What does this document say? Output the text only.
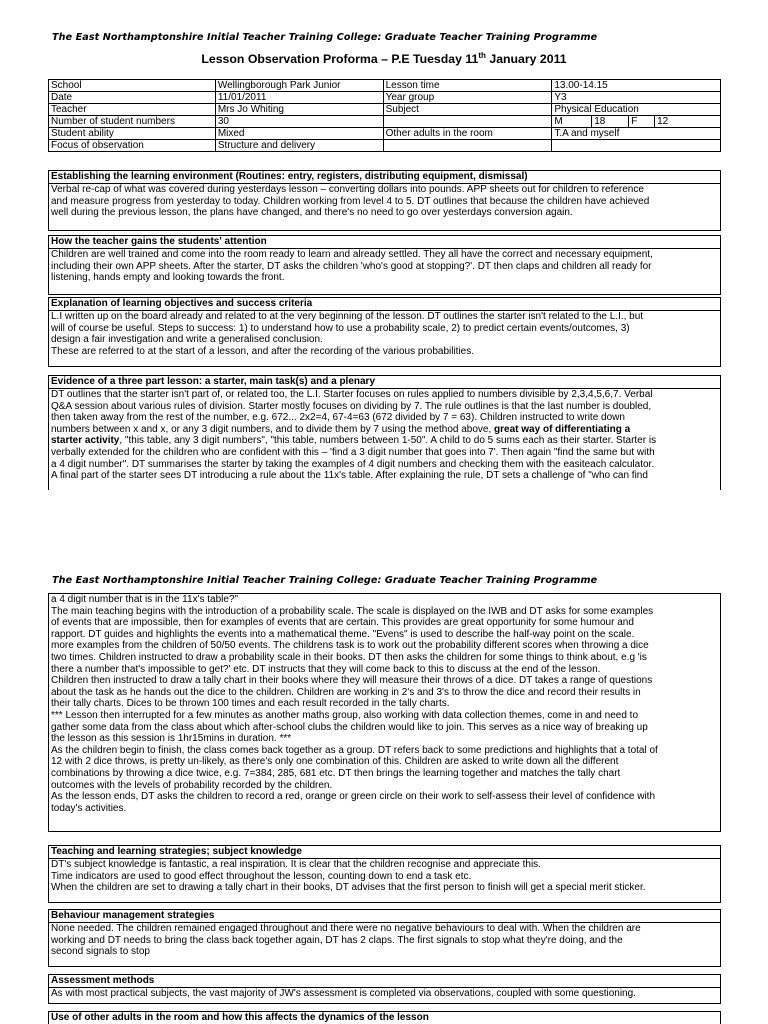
The East Northamptonshire Initial Teacher Training College: Graduate Teacher Training Programme
Lesson Observation Proforma – P.E Tuesday 11th January 2011
School	Wellingborough Park Junior	Lesson time	13.00-14.15			
Date	11/01/2011	Year group	Y3			
Teacher	Mrs Jo Whiting	Subject	Physical Education			
Number of student numbers	30		M	18	F	12
Student ability	Mixed	Other adults in the room	T.A and myself			
Focus of observation	Structure and delivery					
Establishing the learning environment (Routines: entry, registers, distributing equipment, dismissal)

Verbal re-cap of what was covered during yesterdays lesson – converting dollars into pounds. APP sheets out for children to reference

and measure progress from yesterday to today. Children working from level 4 to 5. DT outlines that because the children have achieved

well during the previous lesson, the plans have changed, and there's no need to go over yesterdays conversion again.

How the teacher gains the students' attention

Children are well trained and come into the room ready to learn and already settled. They all have the correct and necessary equipment,

including their own APP sheets. After the starter, DT asks the children 'who's good at stopping?'. DT then claps and children all ready for

listening, hands empty and looking towards the front.

Explanation of learning objectives and success criteria

L.I written up on the board already and related to at the very beginning of the lesson. DT outlines the starter isn't related to the L.I., but

will of course be useful. Steps to success: 1) to understand how to use a probability scale, 2) to predict certain events/outcomes, 3)

design a fair investigation and write a generalised conclusion.

These are referred to at the start of a lesson, and after the recording of the various probabilities.

Evidence of a three part lesson: a starter, main task(s) and a plenary

DT outlines that the starter isn't part of, or related too, the L.I. Starter focuses on rules applied to numbers divisible by 2,3,4,5,6,7. Verbal

Q&A session about various rules of division. Starter mostly focuses on dividing by 7. The rule outlines is that the last number is doubled,

then taken away from the rest of the number, e.g. 672... 2x2=4, 67-4=63 (672 divided by 7 = 63). Children instructed to write down

numbers between x and x, or any 3 digit numbers, and to divide them by 7 using the method above, great way of differentiating a

starter activity, "this table, any 3 digit numbers", "this table, numbers between 1-50". A child to do 5 sums each as their starter. Starter is

verbally extended for the children who are confident with this – 'find a 3 digit number that goes into 7'. Then again "find the same but with

a 4 digit number". DT summarises the starter by taking the examples of 4 digit numbers and checking them with the easiteach calculator.

A final part of the starter sees DT introducing a rule about the 11x's table. After explaining the rule, DT sets a challenge of "who can find

The East Northamptonshire Initial Teacher Training College: Graduate Teacher Training Programme

a 4 digit number that is in the 11x's table?"

The main teaching begins with the introduction of a probability scale. The scale is displayed on the IWB and DT asks for some examples

of events that are impossible, then for examples of events that are certain. This provides are great opportunity for some humour and

rapport. DT guides and highlights the events into a mathematical theme. "Evens" is used to describe the half-way point on the scale.

more examples from the children of 50/50 events. The childrens task is to work out the probability different scores when throwing a dice

two times. Children instructed to draw a probability scale in their books. DT then asks the children for some things to think about, e.g 'is

there a number that's impossible to get?' etc. DT instructs that they will come back to this to discuss at the end of the lesson.

Children then instructed to draw a tally chart in their books where they will measure their throws of a dice. DT takes a range of questions

about the task as he hands out the dice to the children. Children are working in 2's and 3's to throw the dice and record their results in

their tally charts. Dices to be thrown 100 times and each result recorded in the tally charts.

*** Lesson then interrupted for a few minutes as another maths group, also working with data collection themes, come in and need to

gather some data from the class about which after-school clubs the children would like to join. This serves as a nice way of breaking up

the lesson as this session is 1hr15mins in duration. ***

As the children begin to finish, the class comes back together as a group. DT refers back to some predictions and highlights that a total of

12 with 2 dice throws, is pretty un-likely, as there's only one combination of this. Children are asked to write down all the different

combinations by throwing a dice twice, e.g. 7=384, 285, 681 etc. DT then brings the learning together and matches the tally chart

outcomes with the levels of probability recorded by the children.

As the lesson ends, DT asks the children to record a red, orange or green circle on their work to self-assess their level of confidence with

today's activities.

Teaching and learning strategies; subject knowledge

DT's subject knowledge is fantastic, a real inspiration. It is clear that the children recognise and appreciate this.

Time indicators are used to good effect throughout the lesson, counting down to end a task etc.

When the children are set to drawing a tally chart in their books, DT advises that the first person to finish will get a special merit sticker.

Behaviour management strategies

None needed. The children remained engaged throughout and there were no negative behaviours to deal with. When the children are

working and DT needs to bring the class back together again, DT has 2 claps. The first signals to stop what they're doing, and the

second signals to stop

Assessment methods

As with most practical subjects, the vast majority of JW's assessment is completed via observations, coupled with some questioning.

Use of other adults in the room and how this affects the dynamics of the lesson
